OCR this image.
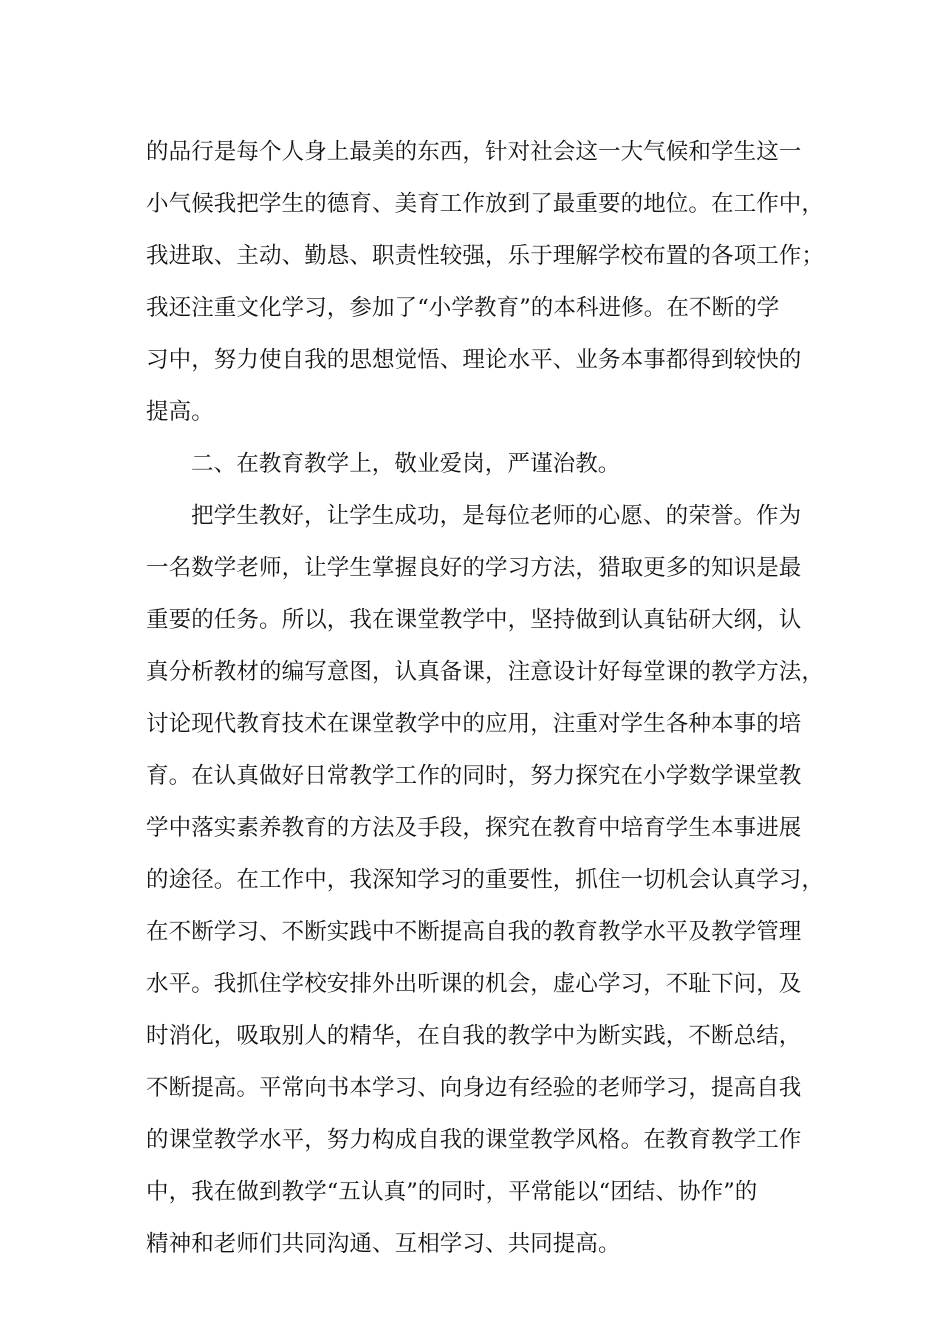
的品行是每个人身上最美的东西，针对社会这一大气候和学生这一
小气候我把学生的德育、美育工作放到了最重要的地位。在工作中，
我进取、主动、勤恳、职责性较强，乐于理解学校布置的各项工作；
我还注重文化学习，参加了“小学教育”的本科进修。在不断的学
习中，努力使自我的思想觉悟、理论水平、业务本事都得到较快的
提高。
二、在教育教学上，敬业爱岗，严谨治教。
把学生教好，让学生成功，是每位老师的心愿、的荣誉。作为
一名数学老师，让学生掌握良好的学习方法，猎取更多的知识是最
重要的任务。所以，我在课堂教学中，坚持做到认真钻研大纲，认
真分析教材的编写意图，认真备课，注意设计好每堂课的教学方法，
讨论现代教育技术在课堂教学中的应用，注重对学生各种本事的培
育。在认真做好日常教学工作的同时，努力探究在小学数学课堂教
学中落实素养教育的方法及手段，探究在教育中培育学生本事进展
的途径。在工作中，我深知学习的重要性，抓住一切机会认真学习，
在不断学习、不断实践中不断提高自我的教育教学水平及教学管理
水平。我抓住学校安排外出听课的机会，虚心学习，不耻下问，及
时消化，吸取别人的精华，在自我的教学中为断实践，不断总结，
不断提高。平常向书本学习、向身边有经验的老师学习，提高自我
的课堂教学水平，努力构成自我的课堂教学风格。在教育教学工作
中，我在做到教学“五认真”的同时，平常能以“团结、协作”的
精神和老师们共同沟通、互相学习、共同提高。
